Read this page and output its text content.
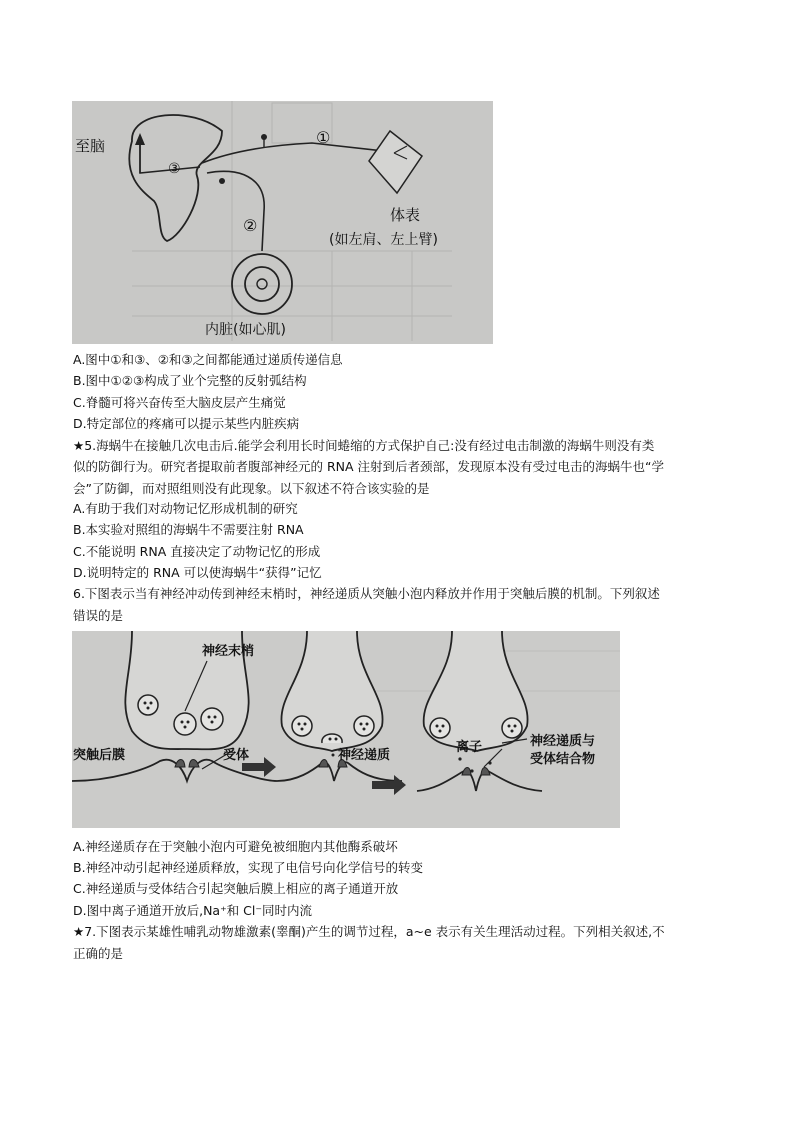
至脑
③
①
②
体表
(如左肩、左上臂)
内脏(如心肌)
A.图中①和③、②和③之间都能通过递质传递信息
B.图中①②③构成了业个完整的反射弧结构
C.脊髓可将兴奋传至大脑皮层产生痛觉
D.特定部位的疼痛可以提示某些内脏疾病
★5.海蜗牛在接触几次电击后.能学会利用长时间蜷缩的方式保护自己:没有经过电击制激的海蜗牛则没有类
似的防御行为。研究者提取前者腹部神经元的 RNA 注射到后者颈部，发现原本没有受过电击的海蜗牛也“学
会”了防御，而对照组则没有此现象。以下叙述不符合该实验的是
A.有助于我们对动物记忆形成机制的研究
B.本实验对照组的海蜗牛不需要注射 RNA
C.不能说明 RNA 直接决定了动物记忆的形成
D.说明特定的 RNA 可以使海蜗牛“获得”记忆
6.下图表示当有神经冲动传到神经末梢时，神经递质从突触小泡内释放并作用于突触后膜的机制。下列叙述
错误的是
神经末梢
突触后膜	受体	神经递质
离子	神经递质与
受体结合物
A.神经递质存在于突触小泡内可避免被细胞内其他酶系破坏
B.神经冲动引起神经递质释放，实现了电信号向化学信号的转变
C.神经递质与受体结合引起突触后膜上相应的离子通道开放
D.图中离子通道开放后,Na⁺和 Cl⁻同时内流
★7.下图表示某雄性哺乳动物雄激素(睾酮)产生的调节过程，a~e 表示有关生理活动过程。下列相关叙述,不
正确的是
